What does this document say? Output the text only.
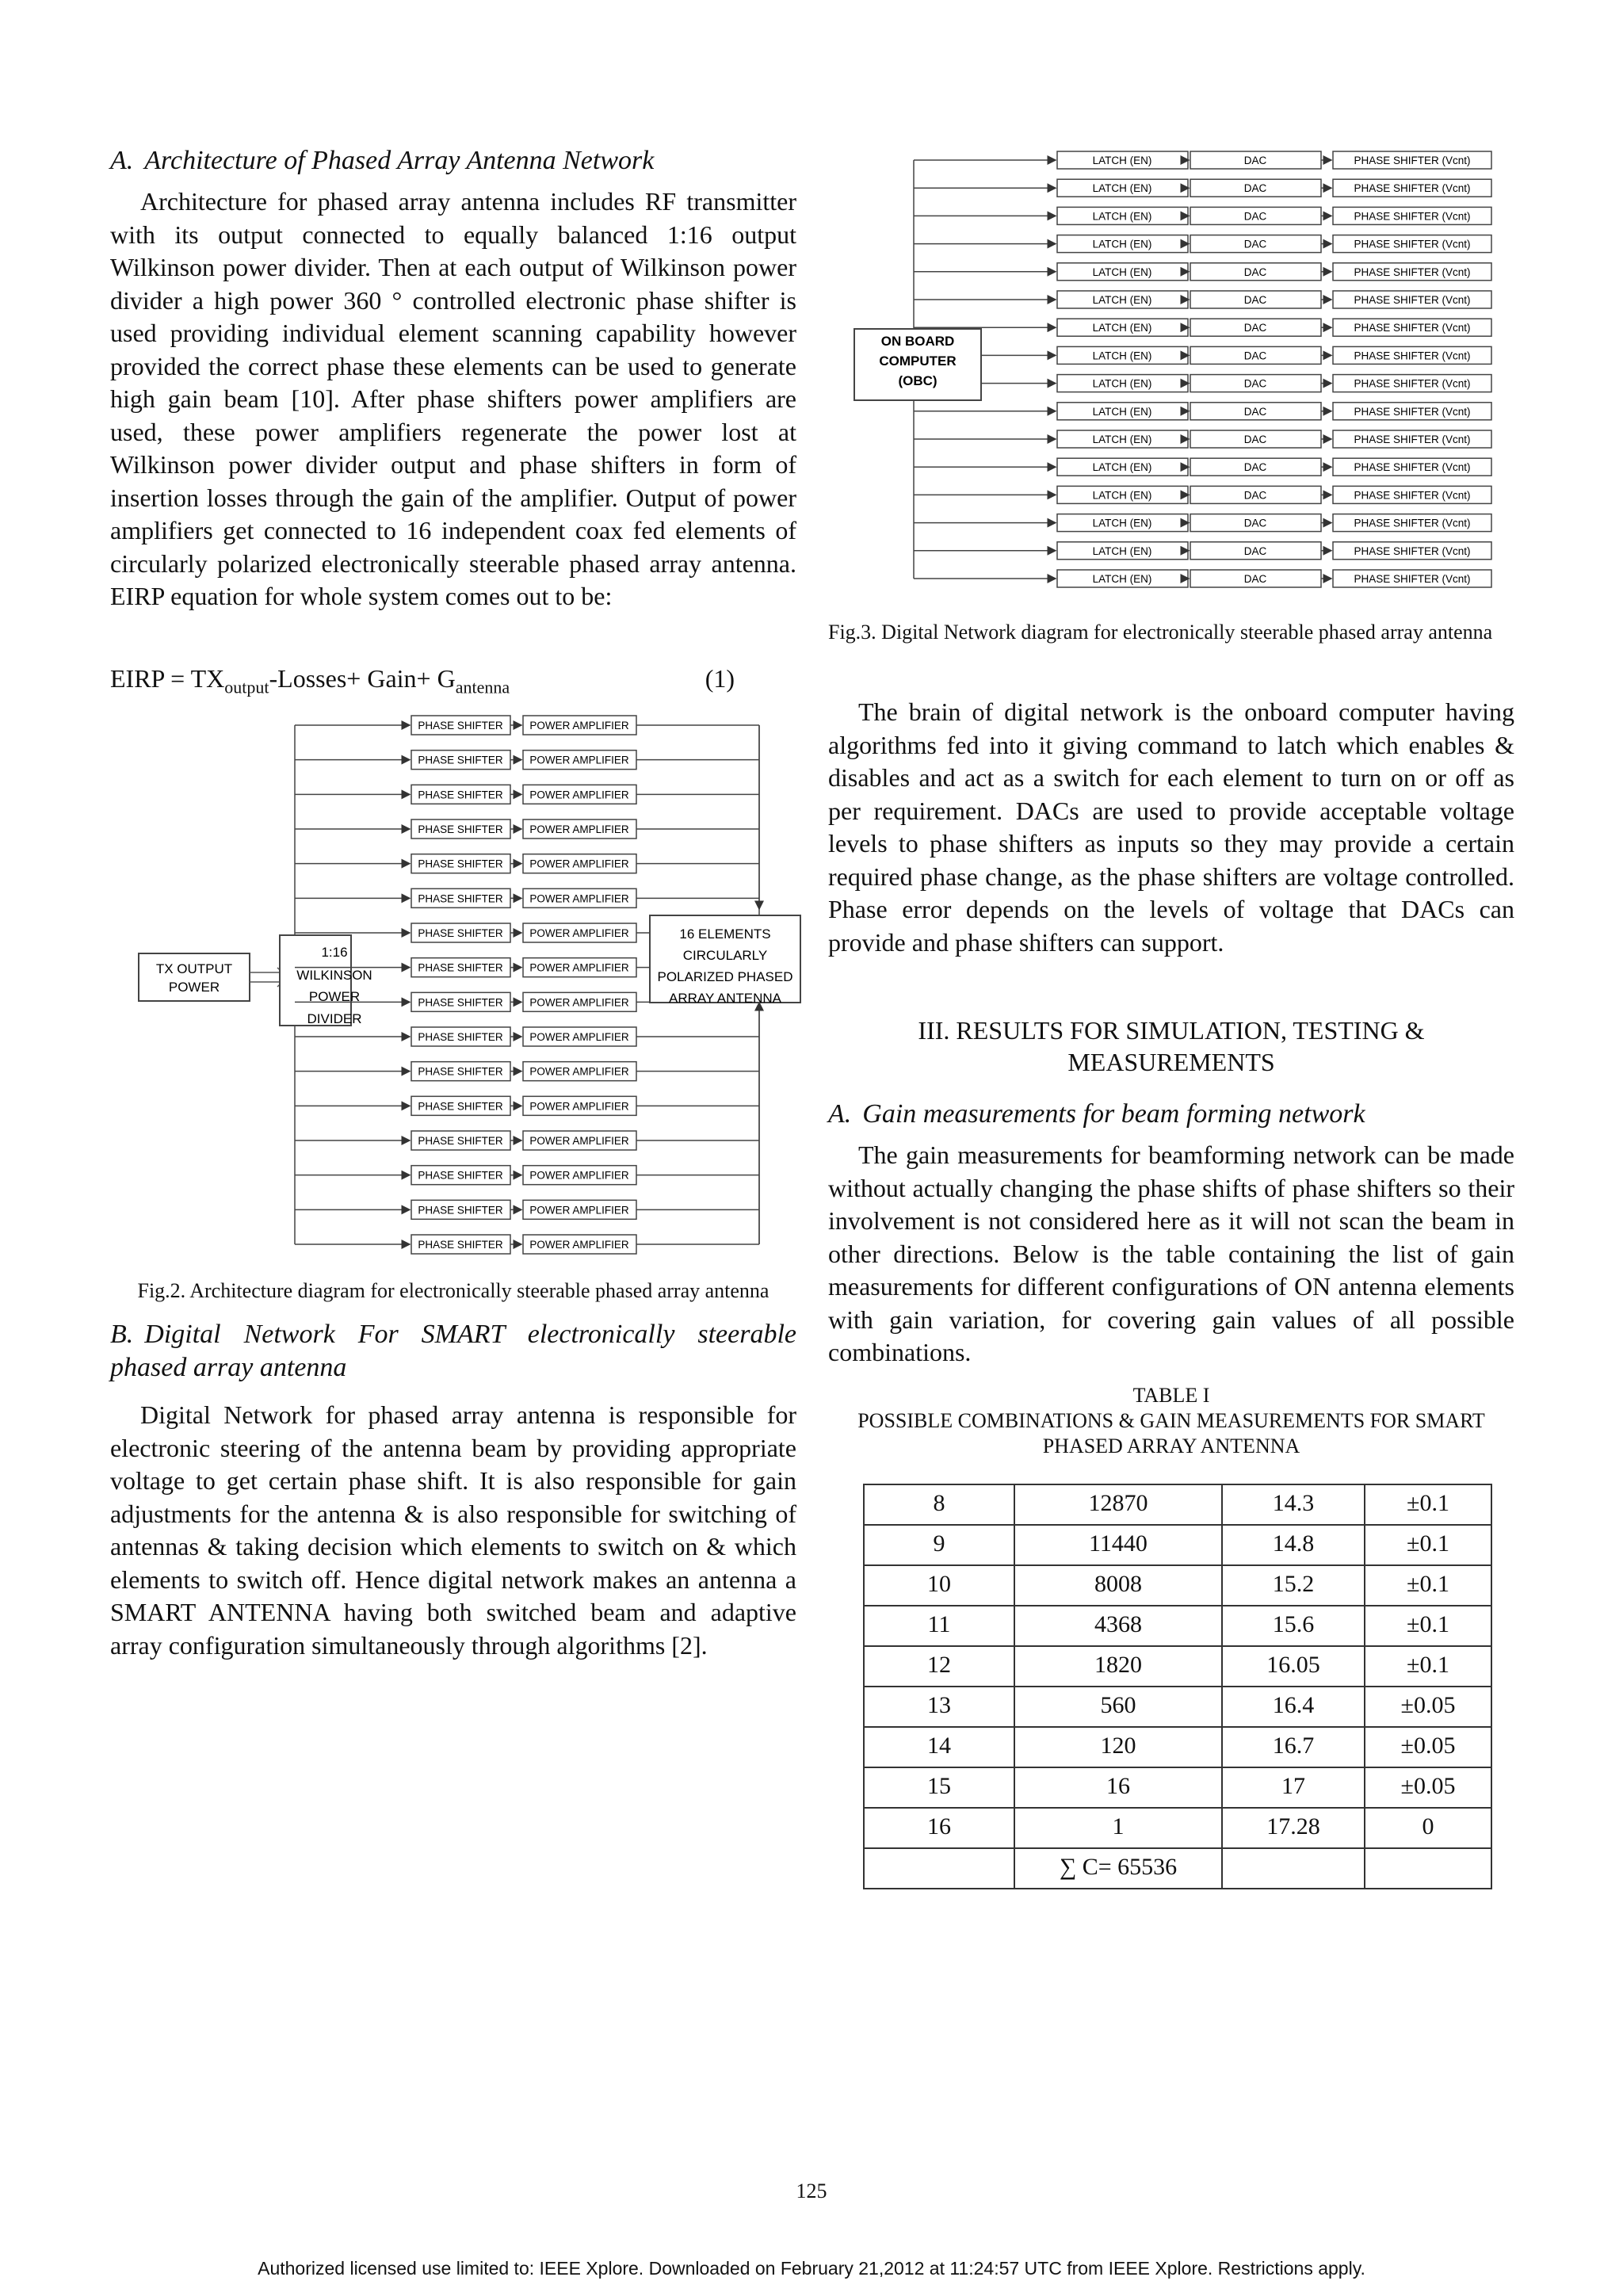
A. Architecture of Phased Array Antenna Network

Architecture for phased array antenna includes RF transmitter with its output connected to equally balanced 1:16 output Wilkinson power divider. Then at each output of Wilkinson power divider a high power 360 ° controlled electronic phase shifter is used providing individual element scanning capability however provided the correct phase these elements can be used to generate high gain beam [10]. After phase shifters power amplifiers are used, these power amplifiers regenerate the power lost at Wilkinson power divider output and phase shifters in form of insertion losses through the gain of the amplifier. Output of power amplifiers get connected to 16 independent coax fed elements of circularly polarized electronically steerable phased array antenna. EIRP equation for whole system comes out to be:

EIRP = $TX_{output}-Losses+$ Gain+ $G_{antenna}$	(1)
TX OUTPUT
POWER
1:16
WILKINSON
POWER
DIVIDER
PHASE SHIFTER POWER AMPLIFIER
PHASE SHIFTER POWER AMPLIFIER
PHASE SHIFTER POWER AMPLIFIER
PHASE SHIFTER POWER AMPLIFIER
PHASE SHIFTER POWER AMPLIFIER
PHASE SHIFTER POWER AMPLIFIER
PHASE SHIFTER POWER AMPLIFIER
PHASE SHIFTER POWER AMPLIFIER
PHASE SHIFTER POWER AMPLIFIER
PHASE SHIFTER POWER AMPLIFIER
PHASE SHIFTER POWER AMPLIFIER
PHASE SHIFTER POWER AMPLIFIER
PHASE SHIFTER POWER AMPLIFIER
PHASE SHIFTER POWER AMPLIFIER
PHASE SHIFTER POWER AMPLIFIER
PHASE SHIFTER POWER AMPLIFIER
16 ELEMENTS
CIRCULARLY
POLARIZED PHASED
ARRAY ANTENNA
Fig.2. Architecture diagram for electronically steerable phased array antenna
B. Digital Network For SMART electronically steerable phased array antenna

Digital Network for phased array antenna is responsible for electronic steering of the antenna beam by providing appropriate voltage to get certain phase shift. It is also responsible for gain adjustments for the antenna & is also responsible for switching of antennas & taking decision which elements to switch on & which elements to switch off. Hence digital network makes an antenna a SMART ANTENNA having both switched beam and adaptive array configuration simultaneously through algorithms [2].

LATCH (EN)	DAC	PHASE SHIFTER (Vcnt)
LATCH (EN)	DAC	PHASE SHIFTER (Vcnt)
LATCH (EN)	DAC	PHASE SHIFTER (Vcnt)
LATCH (EN)	DAC	PHASE SHIFTER (Vcnt)
LATCH (EN)	DAC	PHASE SHIFTER (Vcnt)
LATCH (EN)	DAC	PHASE SHIFTER (Vcnt)
LATCH (EN)	DAC	PHASE SHIFTER (Vcnt)
LATCH (EN)	DAC	PHASE SHIFTER (Vcnt)
LATCH (EN)	DAC	PHASE SHIFTER (Vcnt)
LATCH (EN)	DAC	PHASE SHIFTER (Vcnt)
LATCH (EN)	DAC	PHASE SHIFTER (Vcnt)
LATCH (EN)	DAC	PHASE SHIFTER (Vcnt)
LATCH (EN)	DAC	PHASE SHIFTER (Vcnt)
LATCH (EN)	DAC	PHASE SHIFTER (Vcnt)
LATCH (EN)	DAC	PHASE SHIFTER (Vcnt)
LATCH (EN)	DAC	PHASE SHIFTER (Vcnt)
ON BOARD
COMPUTER
(OBC)
Fig.3. Digital Network diagram for electronically steerable phased array antenna

The brain of digital network is the onboard computer having algorithms fed into it giving command to latch which enables & disables and act as a switch for each element to turn on or off as per requirement. DACs are used to provide acceptable voltage levels to phase shifters as inputs so they may provide a certain required phase change, as the phase shifters are voltage controlled. Phase error depends on the levels of voltage that DACs can provide and phase shifters can support.

III. RESULTS FOR SIMULATION, TESTING &
MEASUREMENTS
A. Gain measurements for beam forming network

The gain measurements for beamforming network can be made without actually changing the phase shifts of phase shifters so their involvement is not considered here as it will not scan the beam in other directions. Below is the table containing the list of gain measurements for different configurations of ON antenna elements with gain variation, for covering gain values of all possible combinations.

TABLE I
POSSIBLE COMBINATIONS & GAIN MEASUREMENTS FOR SMART
PHASED ARRAY ANTENNA
8	12870	14.3	±0.1
9	11440	14.8	±0.1
10	8008	15.2	±0.1
11	4368	15.6	±0.1
12	1820	16.05	±0.1
13	560	16.4	±0.05
14	120	16.7	±0.05
15	16	17	±0.05
16	1	17.28	0
	∑ C= 65536		
125
Authorized licensed use limited to: IEEE Xplore. Downloaded on February 21,2012 at 11:24:57 UTC from IEEE Xplore. Restrictions apply.
